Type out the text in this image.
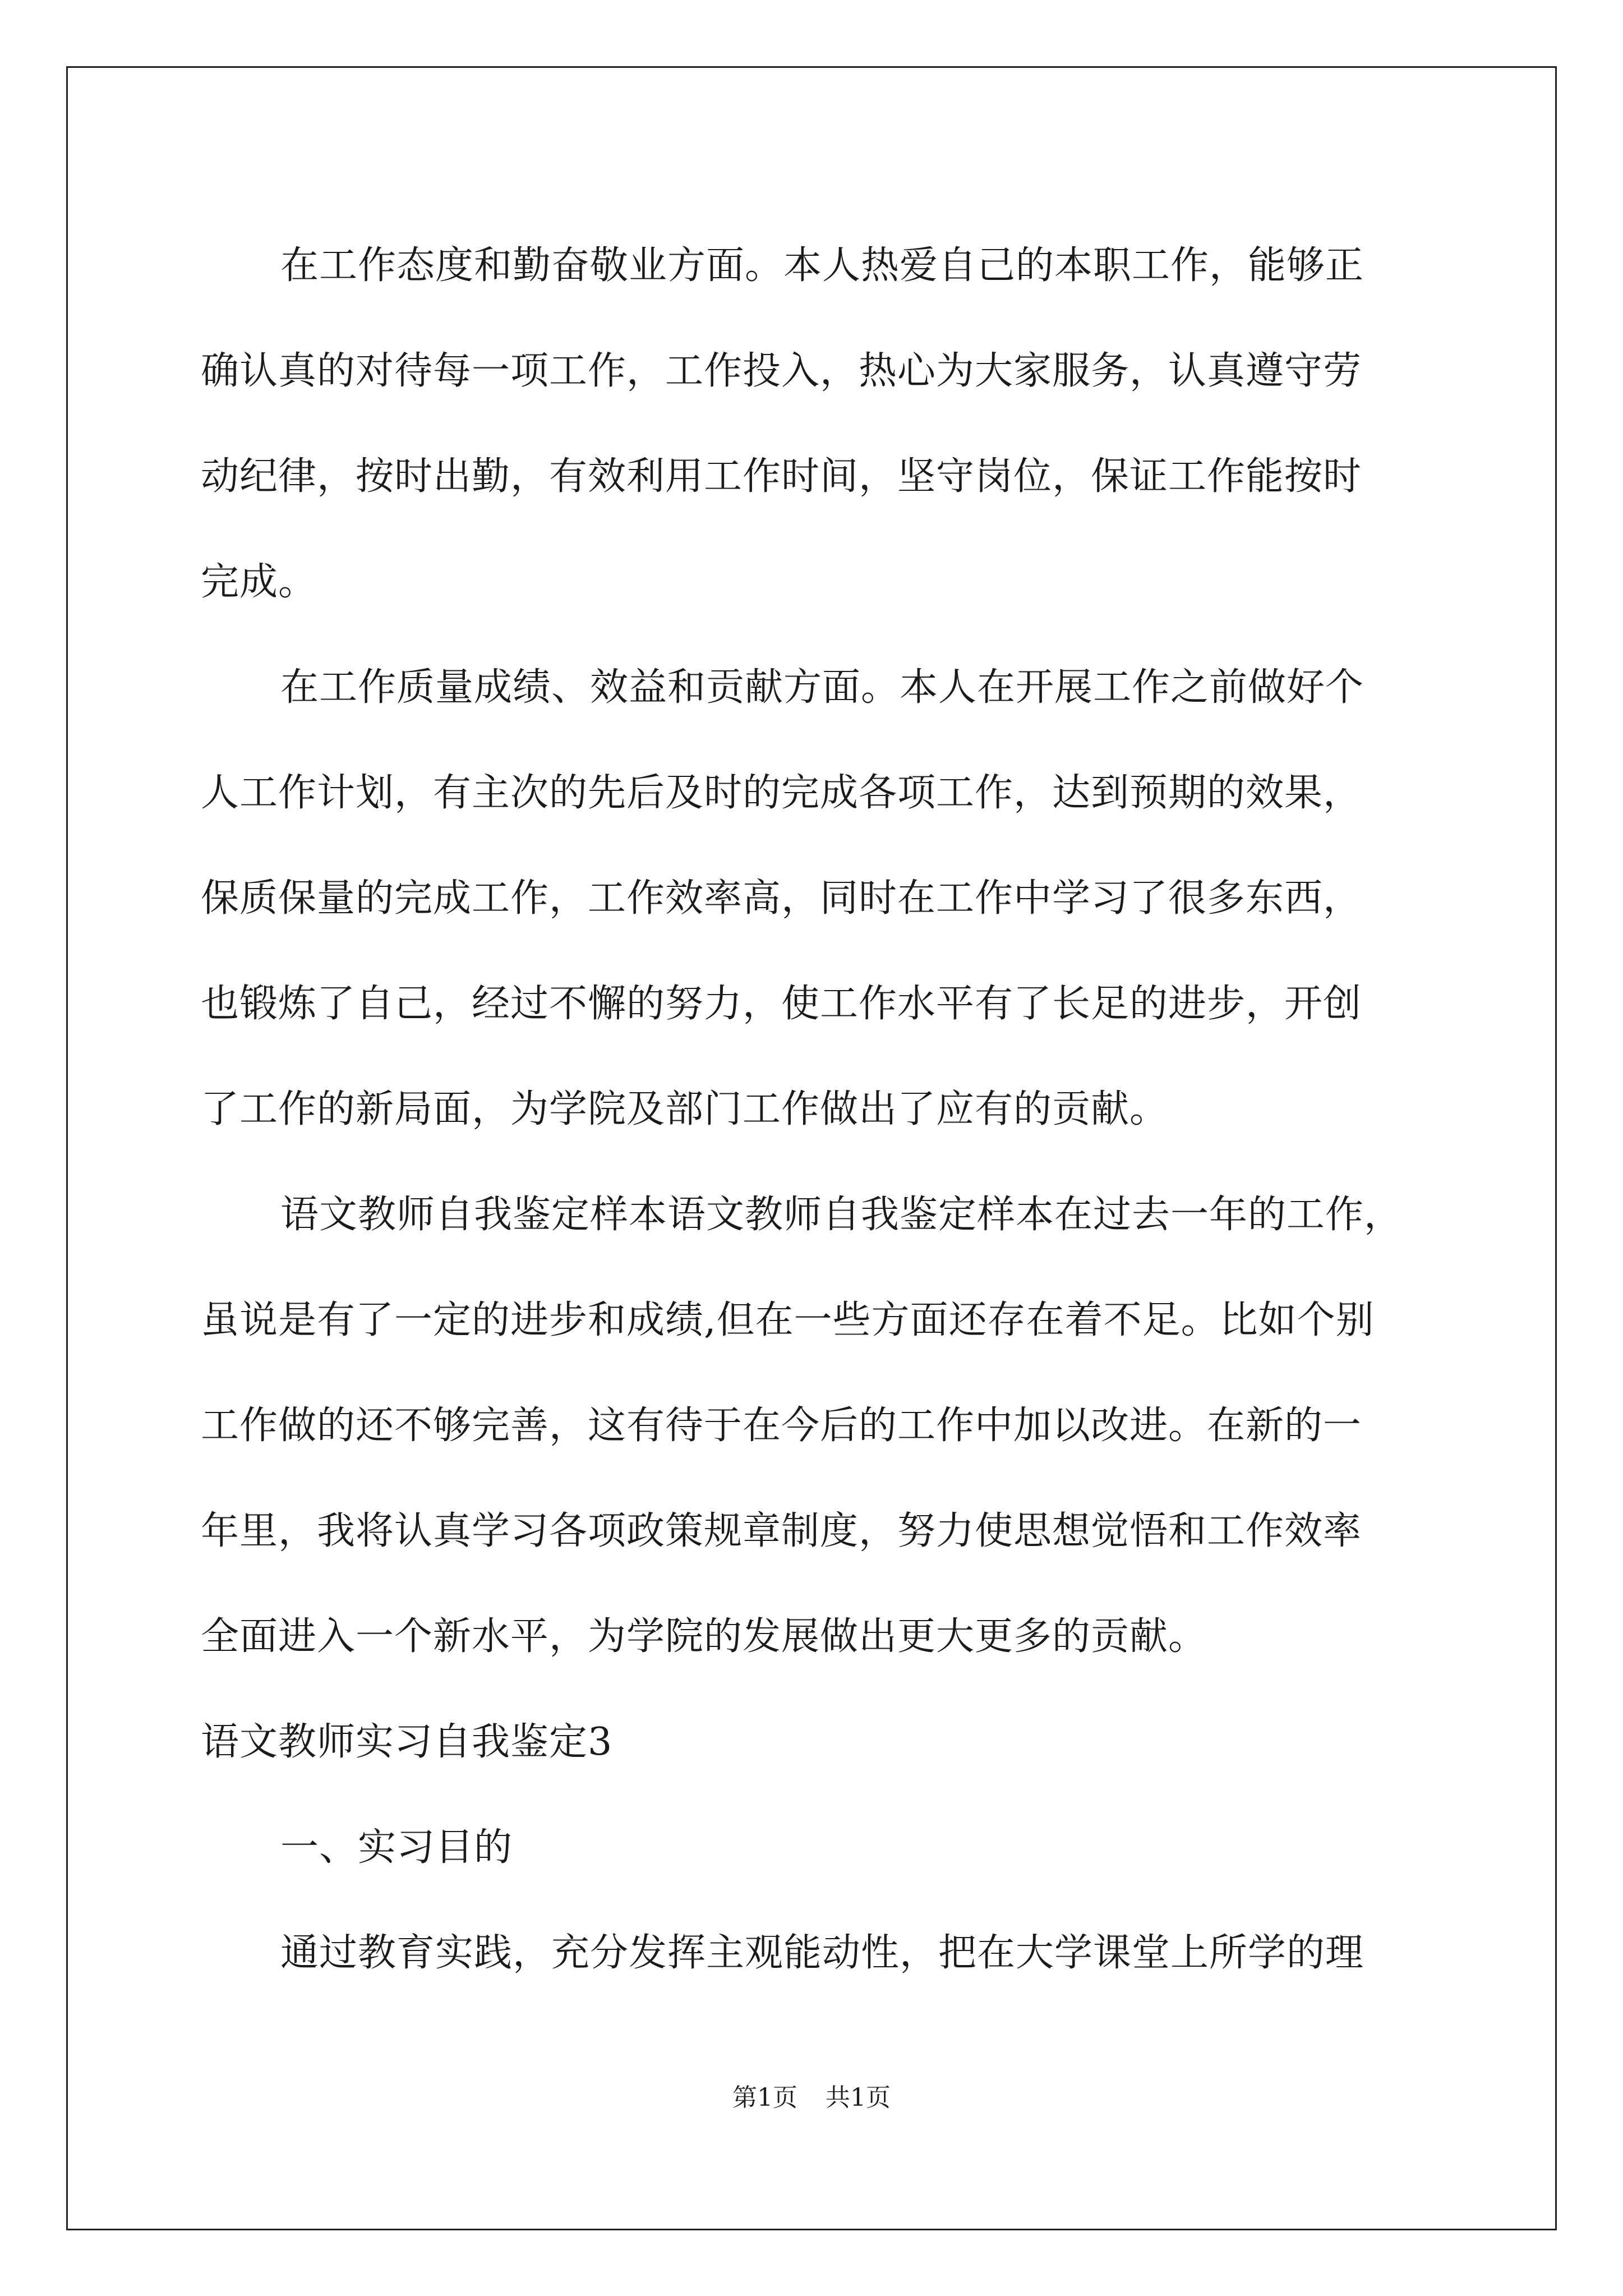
在工作态度和勤奋敬业方面。本人热爱自己的本职工作，能够正
确认真的对待每一项工作，工作投入，热心为大家服务，认真遵守劳
动纪律，按时出勤，有效利用工作时间，坚守岗位，保证工作能按时
完成。
在工作质量成绩、效益和贡献方面。本人在开展工作之前做好个
人工作计划，有主次的先后及时的完成各项工作，达到预期的效果，
保质保量的完成工作，工作效率高，同时在工作中学习了很多东西，
也锻炼了自己，经过不懈的努力，使工作水平有了长足的进步，开创
了工作的新局面，为学院及部门工作做出了应有的贡献。
语文教师自我鉴定样本语文教师自我鉴定样本在过去一年的工作，
虽说是有了一定的进步和成绩,但在一些方面还存在着不足。比如个别
工作做的还不够完善，这有待于在今后的工作中加以改进。在新的一
年里，我将认真学习各项政策规章制度，努力使思想觉悟和工作效率
全面进入一个新水平，为学院的发展做出更大更多的贡献。
语文教师实习自我鉴定3
一、实习目的
通过教育实践，充分发挥主观能动性，把在大学课堂上所学的理
第1页 共1页
